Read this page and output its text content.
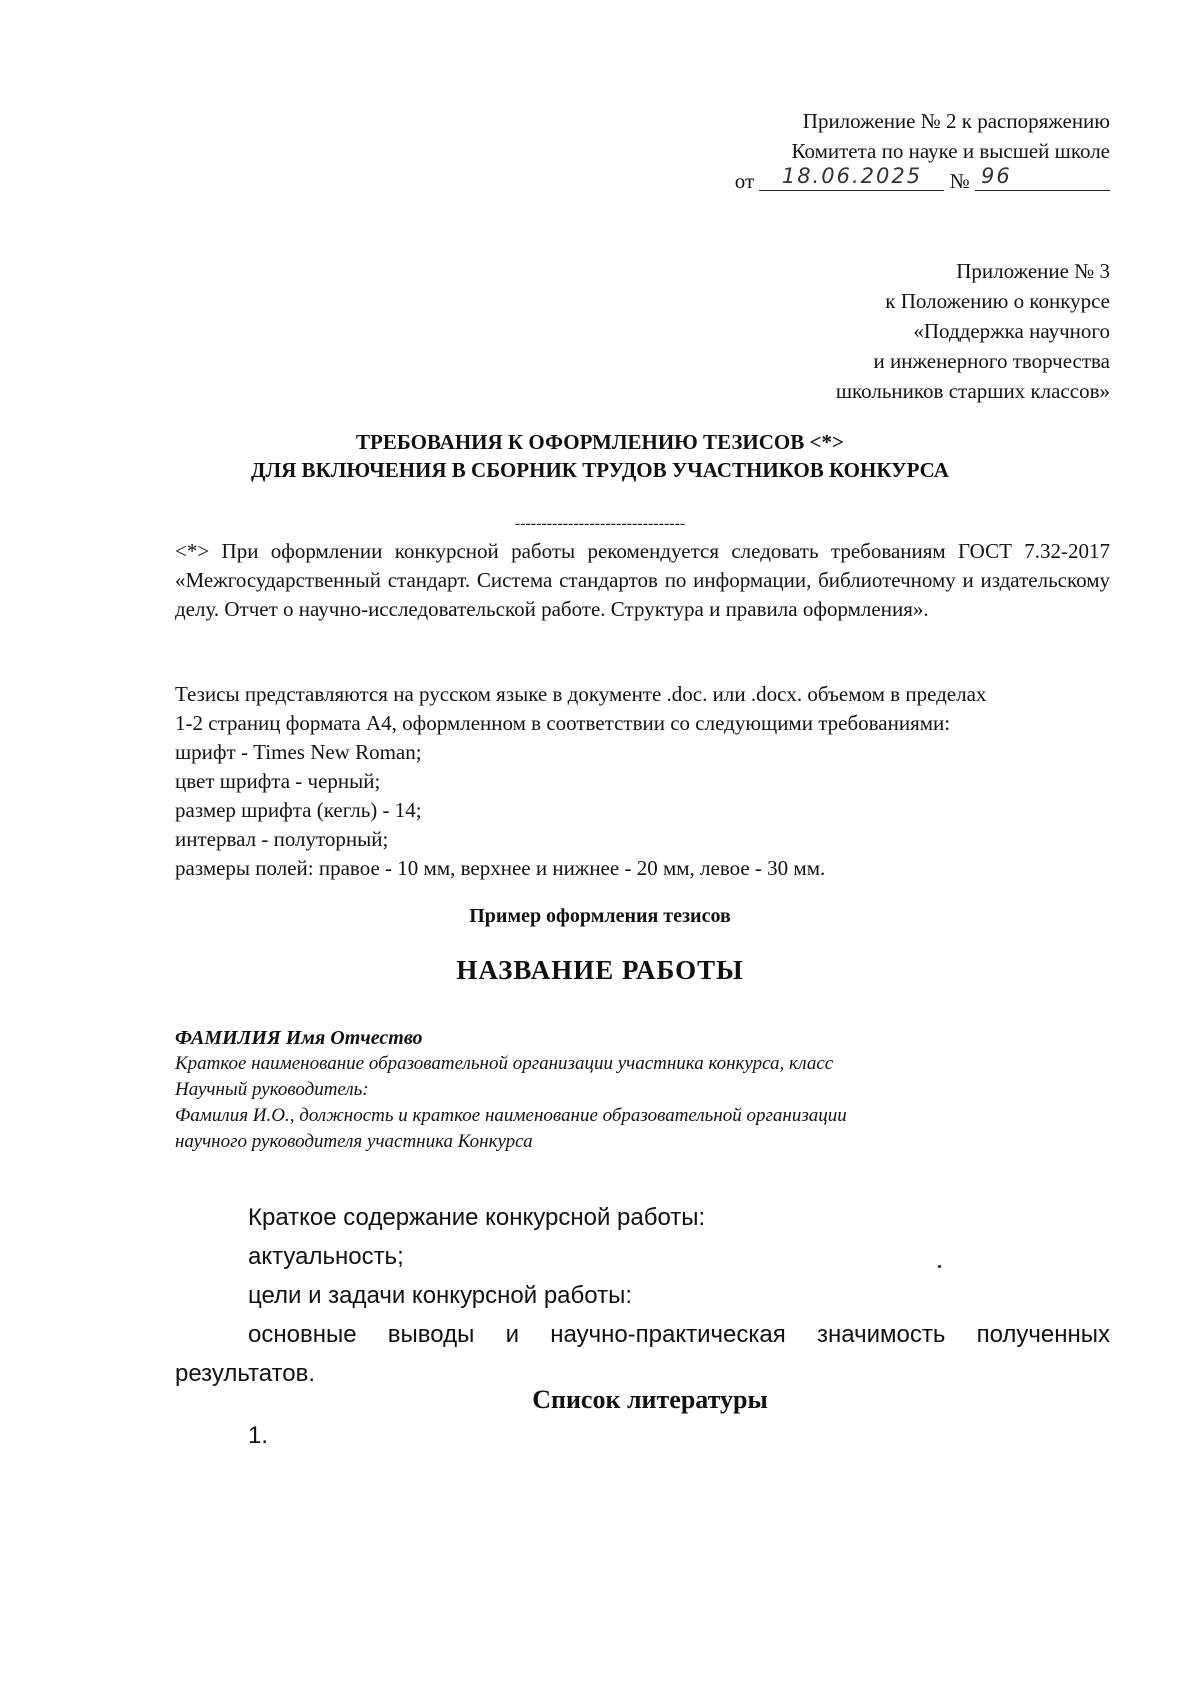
Приложение № 2 к распоряжению
Комитета по науке и высшей школе
от 18.06.2025 № 96
Приложение № 3
к Положению о конкурсе
«Поддержка научного
и инженерного творчества
школьников старших классов»
ТРЕБОВАНИЯ К ОФОРМЛЕНИЮ ТЕЗИСОВ <*>
ДЛЯ ВКЛЮЧЕНИЯ В СБОРНИК ТРУДОВ УЧАСТНИКОВ КОНКУРСА
--------------------------------
<*> При оформлении конкурсной работы рекомендуется следовать требованиям ГОСТ 7.32-2017 «Межгосударственный стандарт. Система стандартов по информации, библиотечному и издательскому делу. Отчет о научно-исследовательской работе. Структура и правила оформления».
Тезисы представляются на русском языке в документе .doc. или .docx. объемом в пределах
1-2 страниц формата А4, оформленном в соответствии со следующими требованиями:
шрифт - Times New Roman;
цвет шрифта - черный;
размер шрифта (кегль) - 14;
интервал - полуторный;
размеры полей: правое - 10 мм, верхнее и нижнее - 20 мм, левое - 30 мм.
Пример оформления тезисов
НАЗВАНИЕ РАБОТЫ
ФАМИЛИЯ Имя Отчество
Краткое наименование образовательной организации участника конкурса, класс
Научный руководитель:
Фамилия И.О., должность и краткое наименование образовательной организации
научного руководителя участника Конкурса
Краткое содержание конкурсной работы:
актуальность;
цели и задачи конкурсной работы:
основные выводы и научно-практическая значимость полученных
результатов.
Список литературы
1.
